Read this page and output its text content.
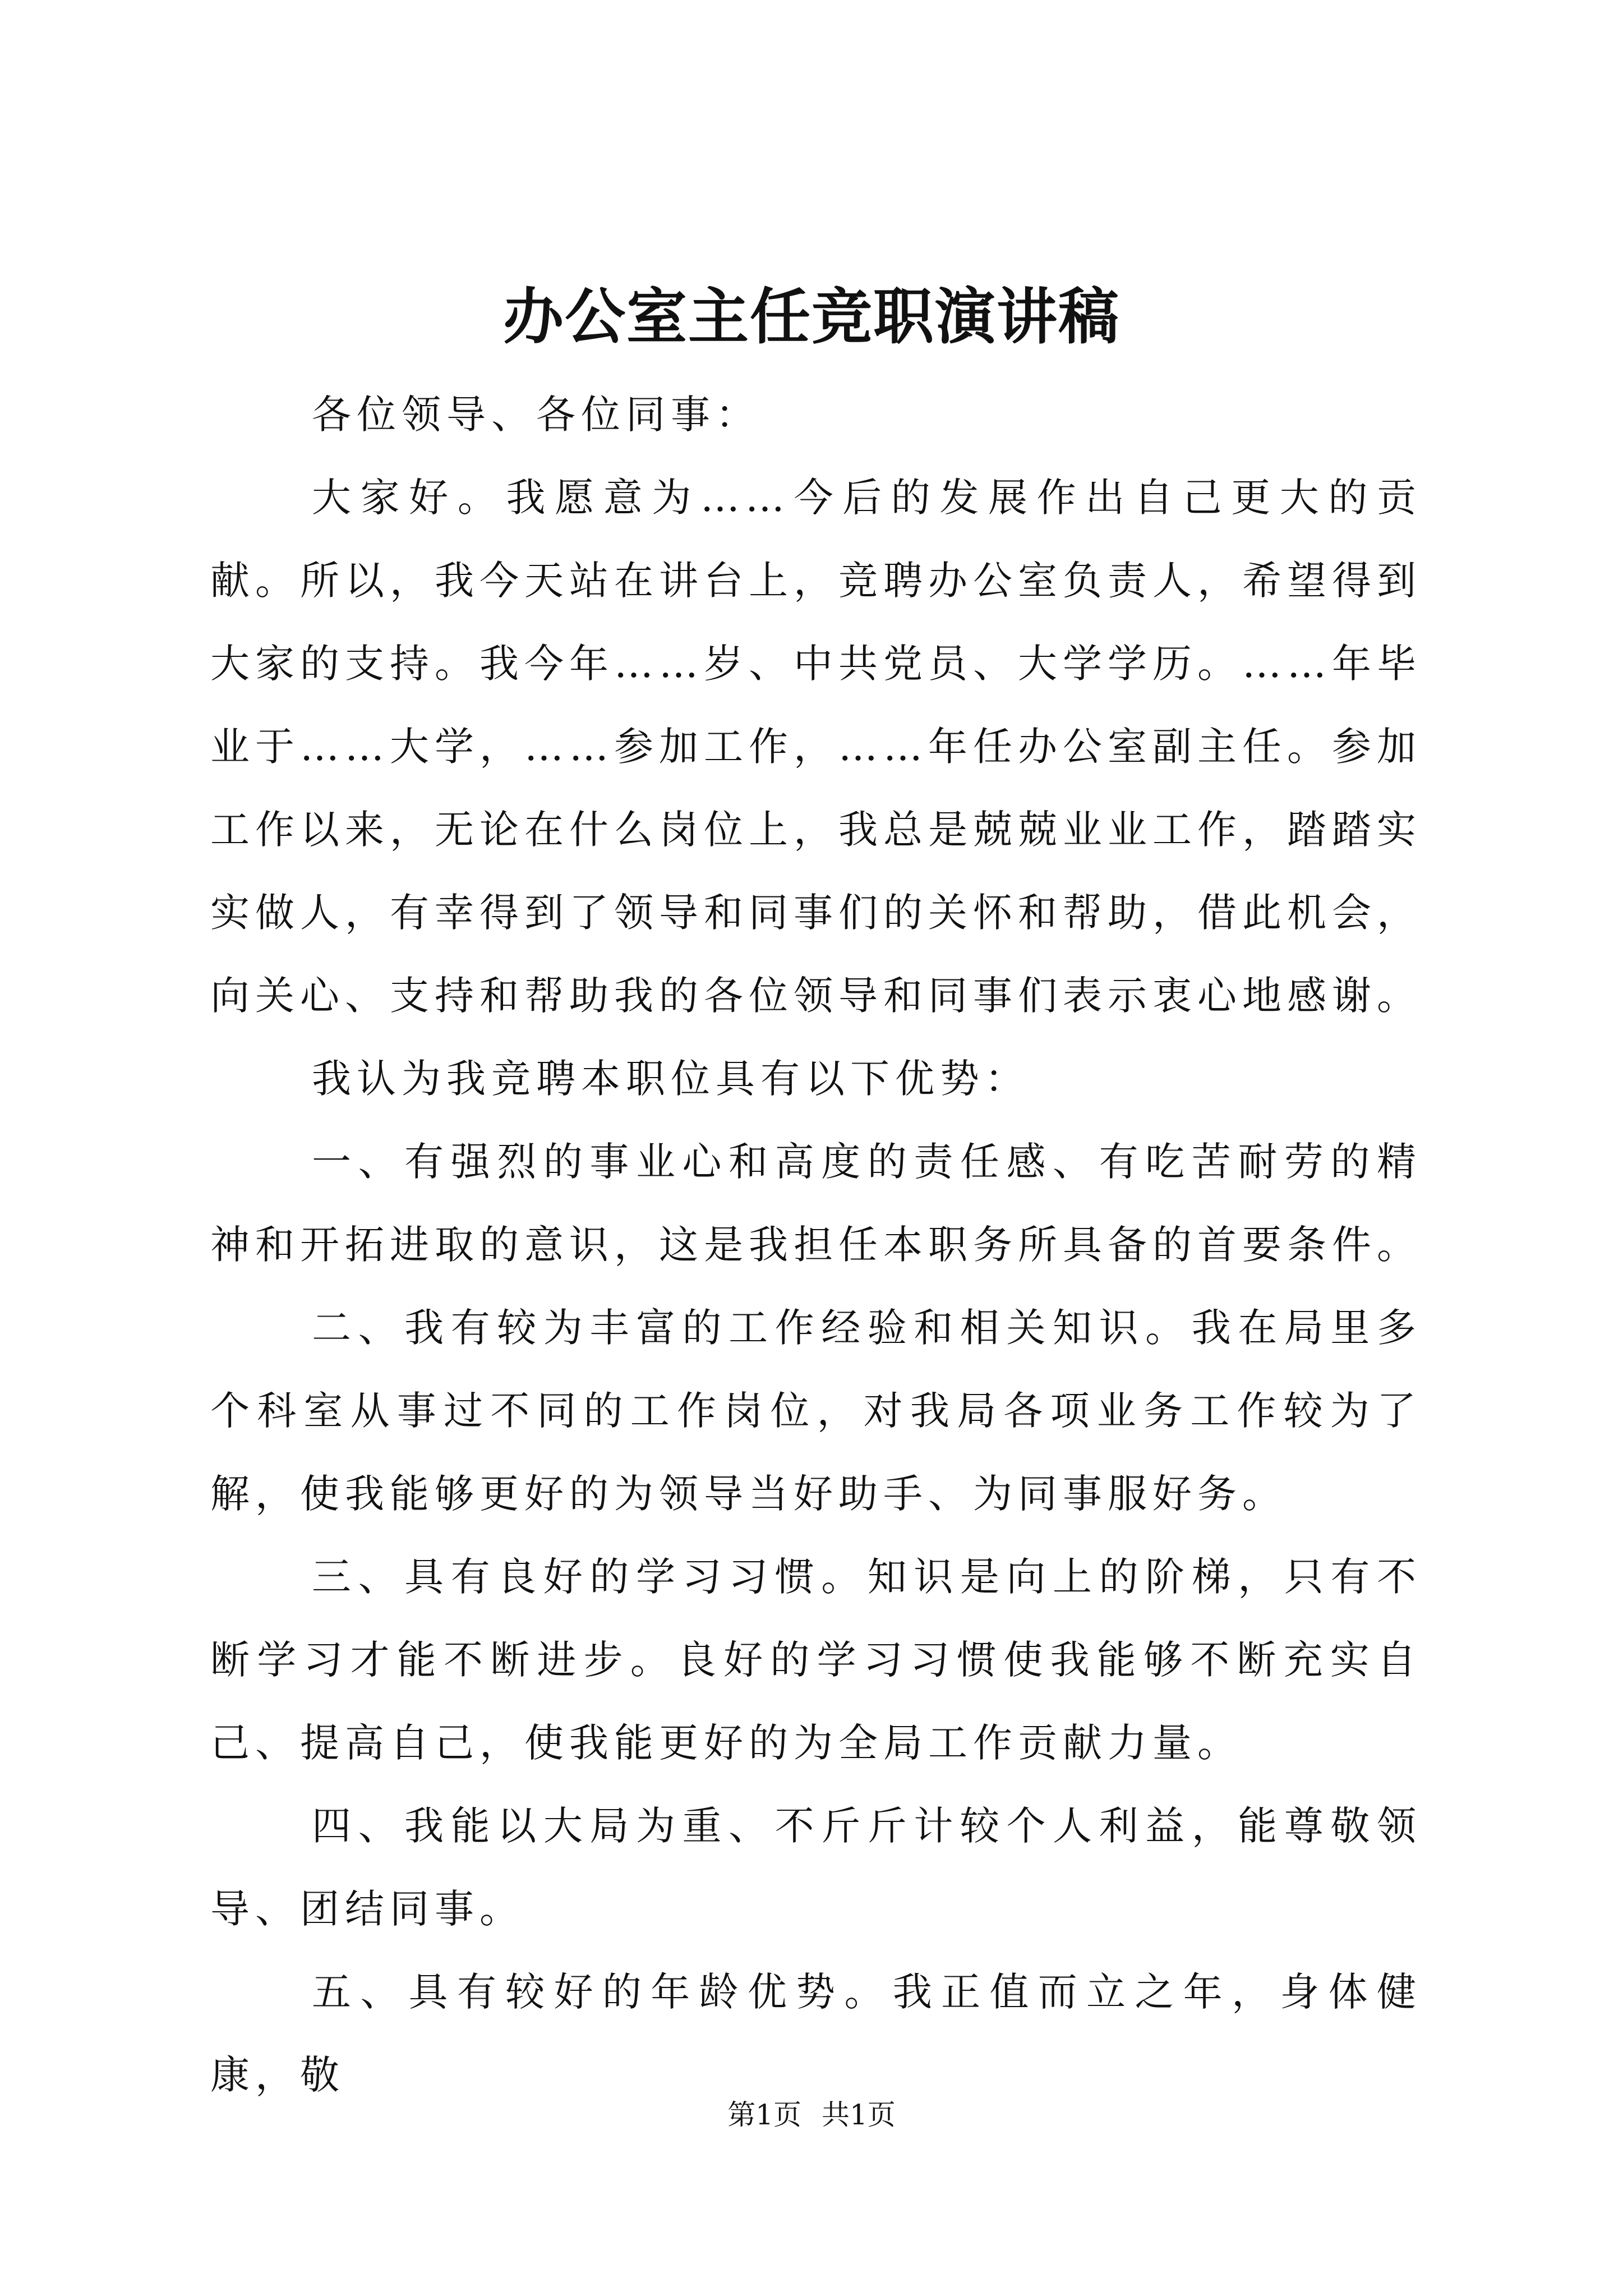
办公室主任竞职演讲稿

各位领导、各位同事：

大家好。我愿意为……今后的发展作出自己更大的贡献。所以，我今天站在讲台上，竞聘办公室负责人，希望得到大家的支持。我今年……岁、中共党员、大学学历。……年毕业于……大学，……参加工作，……年任办公室副主任。参加工作以来，无论在什么岗位上，我总是兢兢业业工作，踏踏实实做人，有幸得到了领导和同事们的关怀和帮助，借此机会，向关心、支持和帮助我的各位领导和同事们表示衷心地感谢。

我认为我竞聘本职位具有以下优势：

一、有强烈的事业心和高度的责任感、有吃苦耐劳的精神和开拓进取的意识，这是我担任本职务所具备的首要条件。

二、我有较为丰富的工作经验和相关知识。我在局里多个科室从事过不同的工作岗位，对我局各项业务工作较为了解，使我能够更好的为领导当好助手、为同事服好务。

三、具有良好的学习习惯。知识是向上的阶梯，只有不断学习才能不断进步。良好的学习习惯使我能够不断充实自己、提高自己，使我能更好的为全局工作贡献力量。

四、我能以大局为重、不斤斤计较个人利益，能尊敬领导、团结同事。

五、具有较好的年龄优势。我正值而立之年，身体健康，敬

第1页 共1页
